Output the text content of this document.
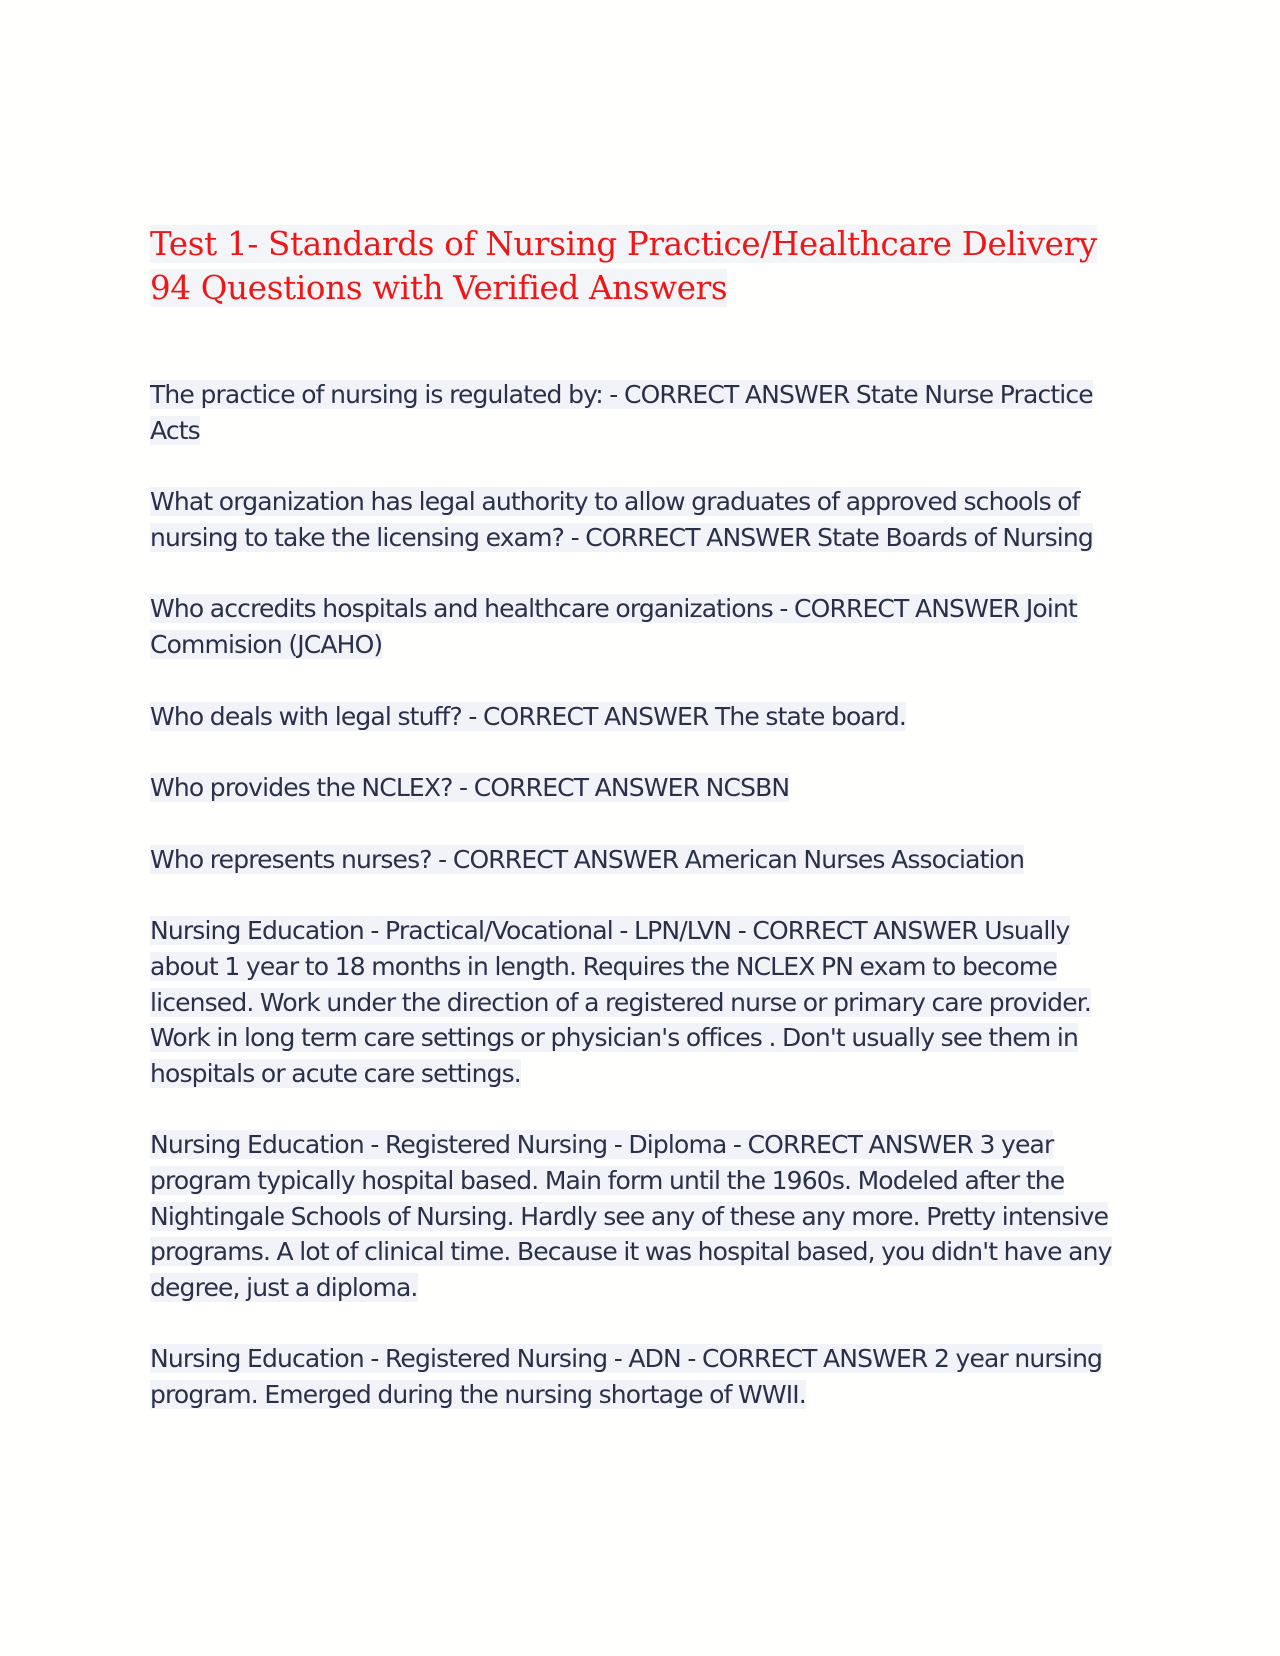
Test 1- Standards of Nursing Practice/Healthcare Delivery
94 Questions with Verified Answers
The practice of nursing is regulated by: - CORRECT ANSWER State Nurse Practice Acts
What organization has legal authority to allow graduates of approved schools of nursing to take the licensing exam? - CORRECT ANSWER State Boards of Nursing
Who accredits hospitals and healthcare organizations - CORRECT ANSWER Joint Commision (JCAHO)
Who deals with legal stuff? - CORRECT ANSWER The state board.
Who provides the NCLEX? - CORRECT ANSWER NCSBN
Who represents nurses? - CORRECT ANSWER American Nurses Association
Nursing Education - Practical/Vocational - LPN/LVN - CORRECT ANSWER Usually about 1 year to 18 months in length. Requires the NCLEX PN exam to become licensed. Work under the direction of a registered nurse or primary care provider. Work in long term care settings or physician's offices . Don't usually see them in hospitals or acute care settings.
Nursing Education - Registered Nursing - Diploma - CORRECT ANSWER 3 year program typically hospital based. Main form until the 1960s. Modeled after the Nightingale Schools of Nursing. Hardly see any of these any more. Pretty intensive programs. A lot of clinical time. Because it was hospital based, you didn't have any degree, just a diploma.
Nursing Education - Registered Nursing - ADN - CORRECT ANSWER 2 year nursing program. Emerged during the nursing shortage of WWII.
